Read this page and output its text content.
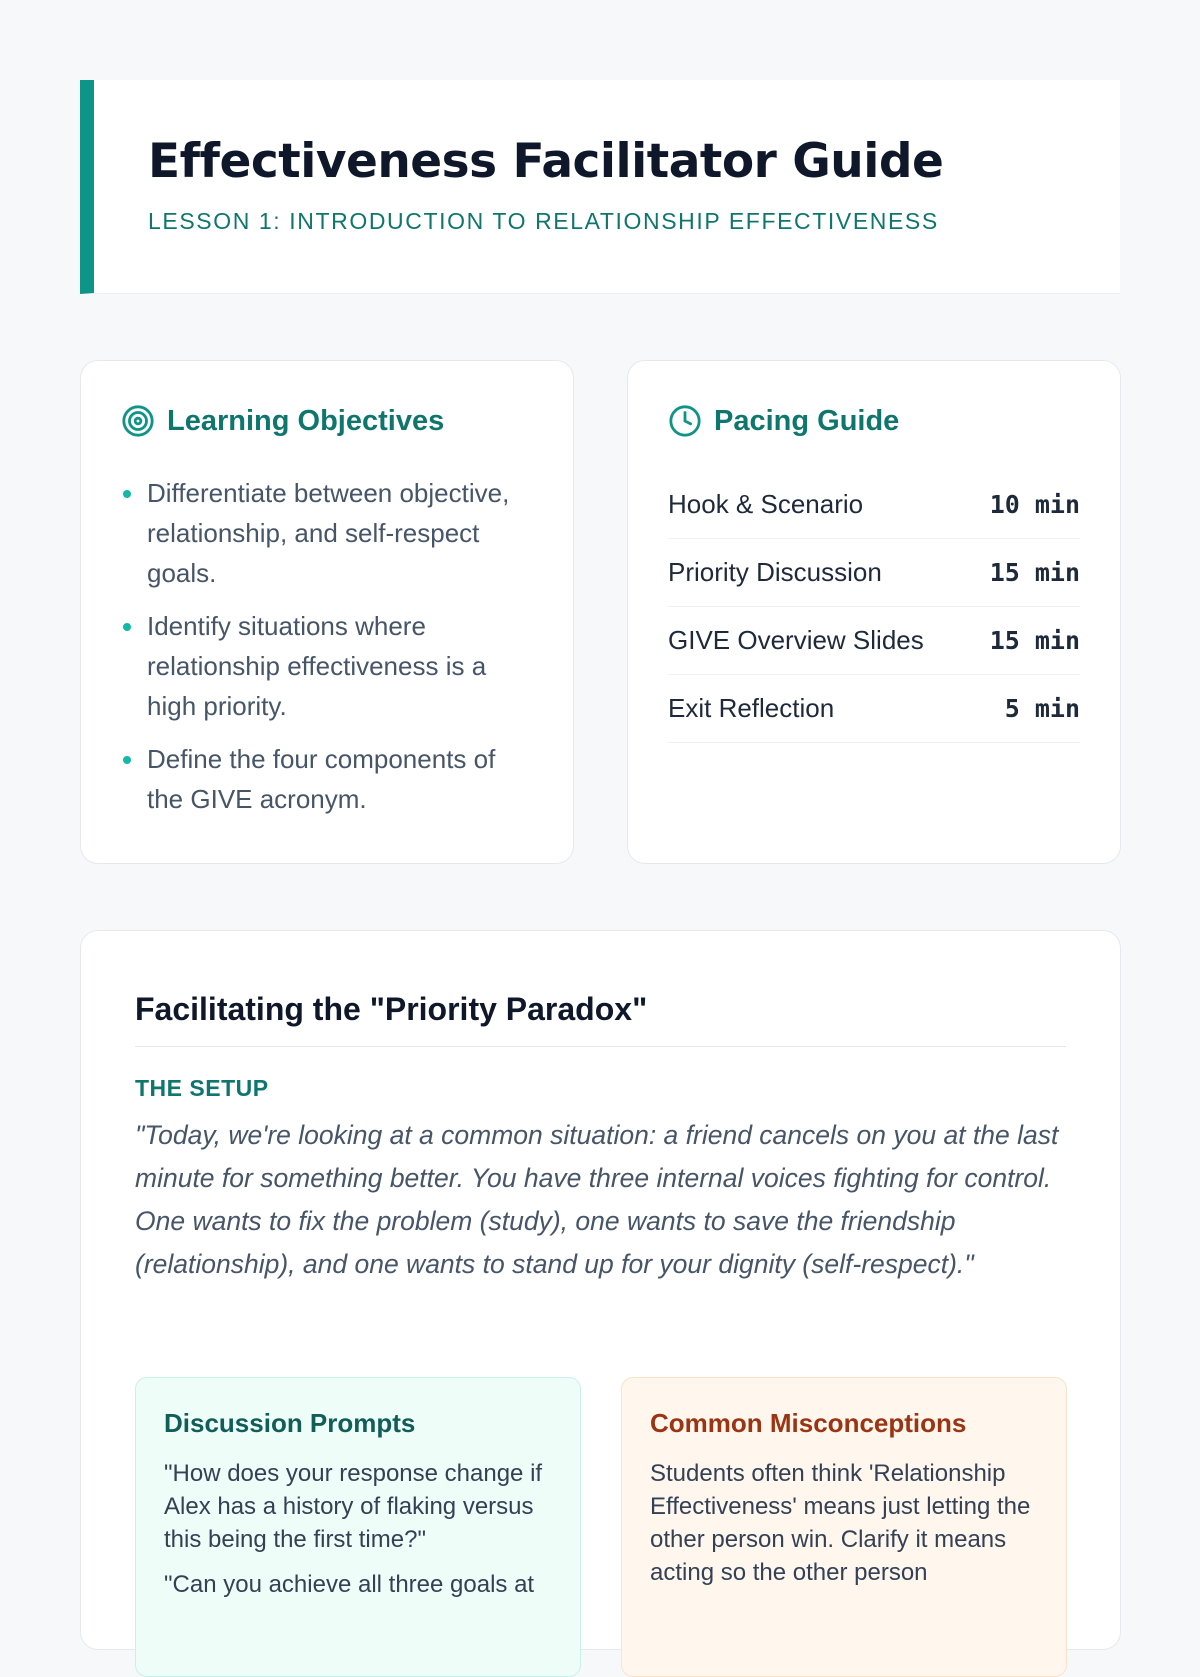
Effectiveness Facilitator Guide
LESSON 1: INTRODUCTION TO RELATIONSHIP EFFECTIVENESS
Learning Objectives
Differentiate between objective, relationship, and self-respect goals.
Identify situations where relationship effectiveness is a high priority.
Define the four components of the GIVE acronym.
Pacing Guide
Hook & Scenario	10 min
Priority Discussion	15 min
GIVE Overview Slides	15 min
Exit Reflection	5 min
Facilitating the "Priority Paradox"
THE SETUP

"Today, we're looking at a common situation: a friend cancels on you at the last minute for something better. You have three internal voices fighting for control. One wants to fix the problem (study), one wants to save the friendship (relationship), and one wants to stand up for your dignity (self-respect)."

Discussion Prompts

"How does your response change if Alex has a history of flaking versus this being the first time?"

"Can you achieve all three goals at

Common Misconceptions

Students often think 'Relationship Effectiveness' means just letting the other person win. Clarify it means acting so the other person
